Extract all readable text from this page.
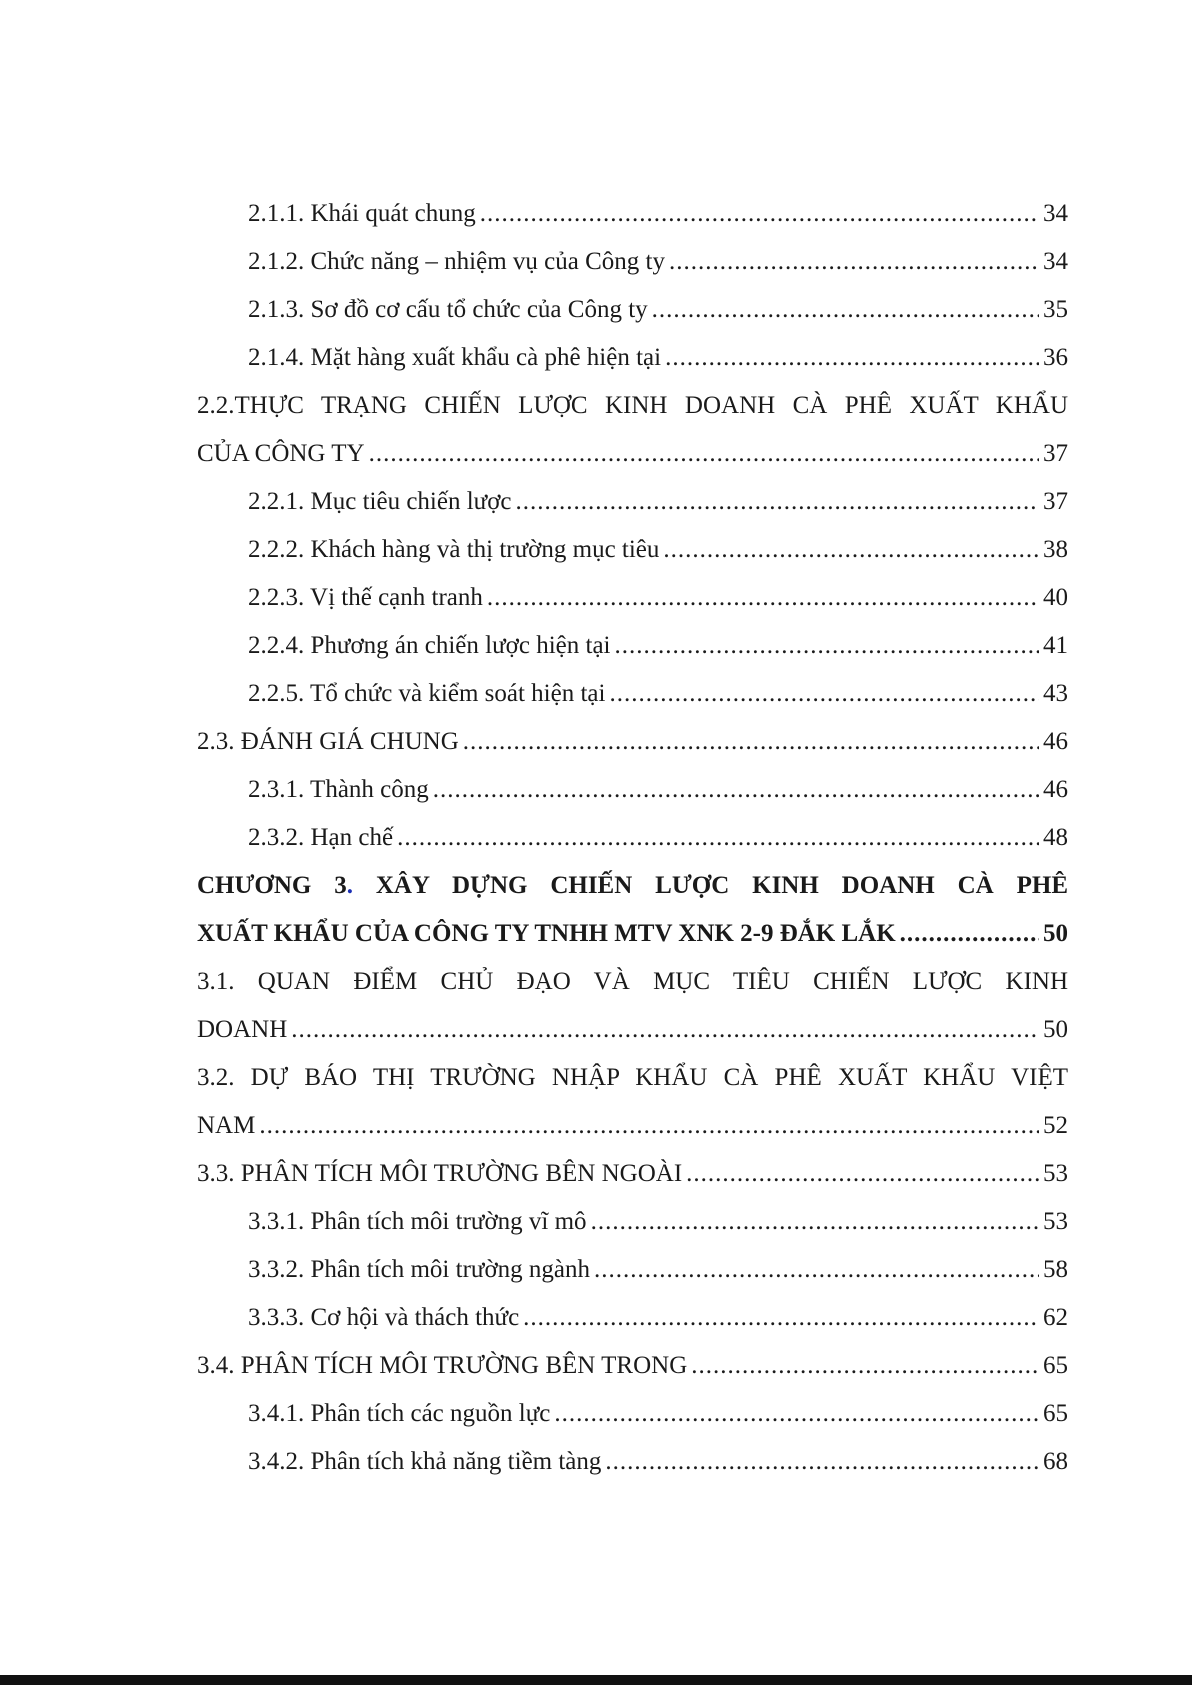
2.1.1. Khái quát chung .....	34
2.1.2. Chức năng – nhiệm vụ của Công ty .....	34
2.1.3. Sơ đồ cơ cấu tổ chức của Công ty .....	35
2.1.4. Mặt hàng xuất khẩu cà phê hiện tại .....	36
2.2.THỰC TRẠNG CHIẾN LƯỢC KINH DOANH CÀ PHÊ XUẤT KHẨU
CỦA CÔNG TY .....	37
2.2.1. Mục tiêu chiến lược .....	37
2.2.2. Khách hàng và thị trường mục tiêu .....	38
2.2.3. Vị thế cạnh tranh .....	40
2.2.4. Phương án chiến lược hiện tại .....	41
2.2.5. Tổ chức và kiểm soát hiện tại .....	43
2.3. ĐÁNH GIÁ CHUNG .....	46
2.3.1. Thành công .....	46
2.3.2. Hạn chế .....	48
CHƯƠNG 3. XÂY DỰNG CHIẾN LƯỢC KINH DOANH CÀ PHÊ
XUẤT KHẨU CỦA CÔNG TY TNHH MTV XNK 2-9 ĐẮK LẮK .....	50
3.1. QUAN ĐIỂM CHỦ ĐẠO VÀ MỤC TIÊU CHIẾN LƯỢC KINH
DOANH .....	50
3.2. DỰ BÁO THỊ TRƯỜNG NHẬP KHẨU CÀ PHÊ XUẤT KHẨU VIỆT
NAM .....	52
3.3. PHÂN TÍCH MÔI TRƯỜNG BÊN NGOÀI .....	53
3.3.1. Phân tích môi trường vĩ mô .....	53
3.3.2. Phân tích môi trường ngành .....	58
3.3.3. Cơ hội và thách thức .....	62
3.4. PHÂN TÍCH MÔI TRƯỜNG BÊN TRONG .....	65
3.4.1. Phân tích các nguồn lực .....	65
3.4.2. Phân tích khả năng tiềm tàng .....	68
